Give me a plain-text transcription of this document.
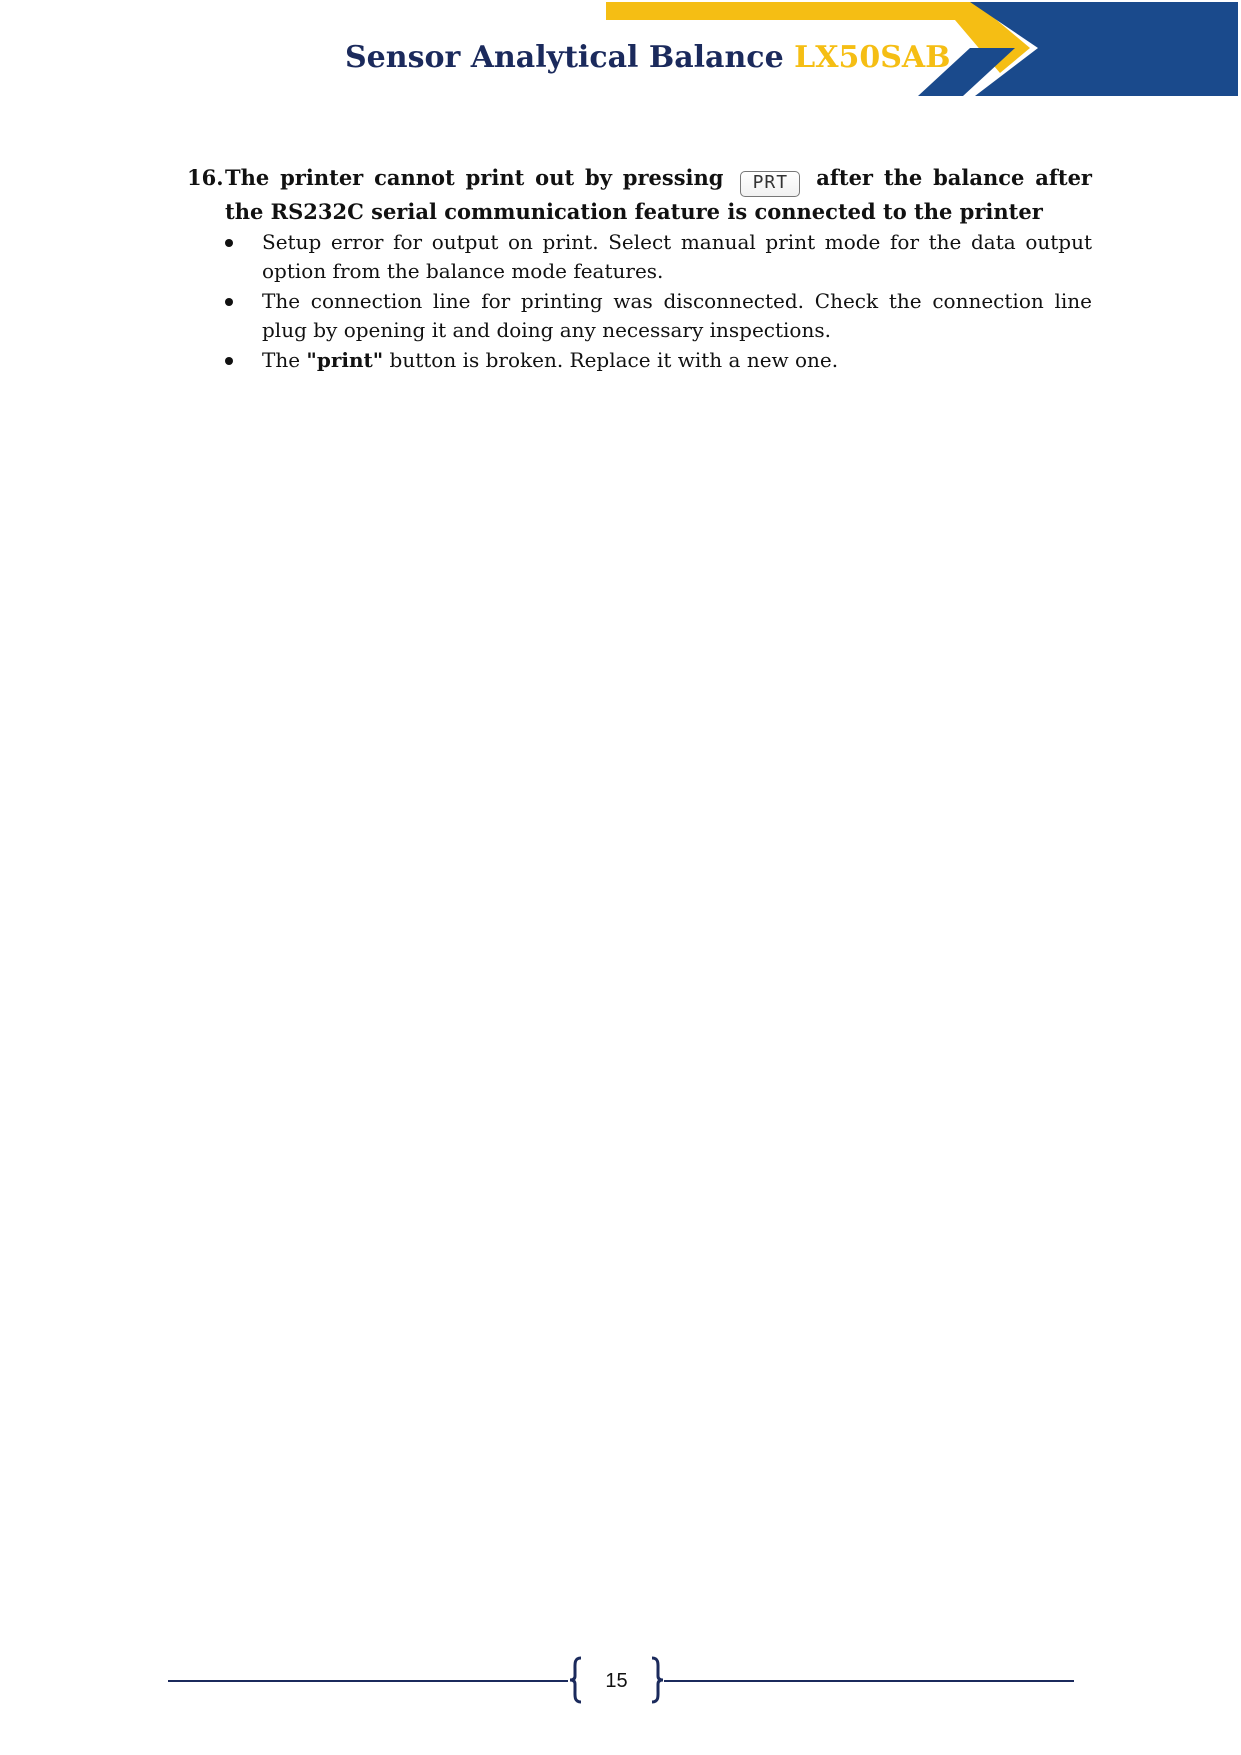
Sensor Analytical Balance LX50SAB
16. The printer cannot print out by pressing PRT after the balance after the RS232C serial communication feature is connected to the printer
Setup error for output on print. Select manual print mode for the data output option from the balance mode features.
The connection line for printing was disconnected. Check the connection line plug by opening it and doing any necessary inspections.
The "print" button is broken. Replace it with a new one.
15
